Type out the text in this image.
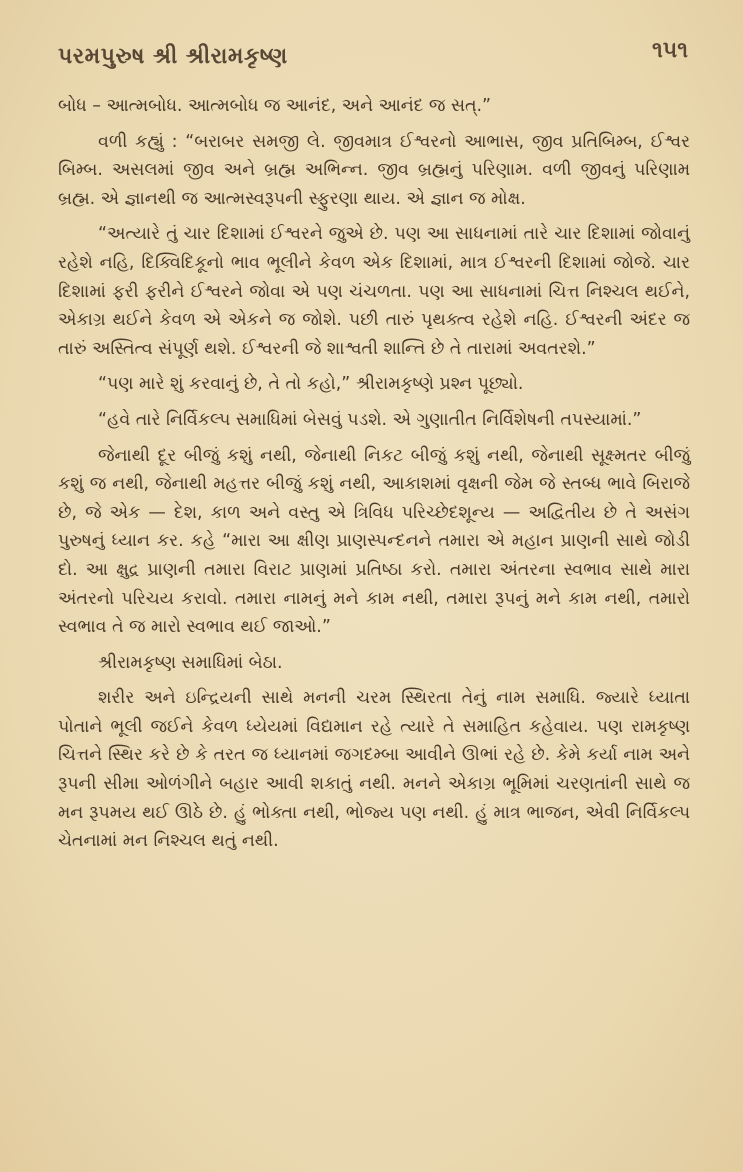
પરમપુરુષ શ્રી શ્રીરામકૃષ્ણ	૧૫૧

બોધ – આત્મબોધ. આત્મબોધ જ આનંદ, અને આનંદ જ સત્.”

વળી કહ્યું : “બરાબર સમજી લે. જીવમાત્ર ઈશ્વરનો આભાસ, જીવ પ્રતિબિમ્બ, ઈશ્વર બિમ્બ. અસલમાં જીવ અને બ્રહ્મ અભિન્ન. જીવ બ્રહ્મનું પરિણામ. વળી જીવનું પરિણામ બ્રહ્મ. એ જ્ઞાનથી જ આત્મસ્વરૂપની સ્ફુરણા થાય. એ જ્ઞાન જ મોક્ષ.

“અત્યારે તું ચાર દિશામાં ઈશ્વરને જુએ છે. પણ આ સાધનામાં તારે ચાર દિશામાં જોવાનું રહેશે નહિ, દિક્વિદિકૂનો ભાવ ભૂલીને કેવળ એક દિશામાં, માત્ર ઈશ્વરની દિશામાં જોજે. ચાર દિશામાં ફરી ફરીને ઈશ્વરને જોવા એ પણ ચંચળતા. પણ આ સાધનામાં ચિત્ત નિશ્ચલ થઈને, એકાગ્ર થઈને કેવળ એ એકને જ જોશે. પછી તારું પૃથક્ત્વ રહેશે નહિ. ઈશ્વરની અંદર જ તારું અસ્તિત્વ સંપૂર્ણ થશે. ઈશ્વરની જે શાશ્વતી શાન્તિ છે તે તારામાં અવતરશે.”

“પણ મારે શું કરવાનું છે, તે તો કહો,” શ્રીરામકૃષ્ણે પ્રશ્ન પૂછ્યો.

“હવે તારે નિર્વિકલ્પ સમાધિમાં બેસવું પડશે. એ ગુણાતીત નિર્વિશેષની તપસ્યામાં.”

જેનાથી દૂર બીજું કશું નથી, જેનાથી નિકટ બીજું કશું નથી, જેનાથી સૂક્ષ્મતર બીજું કશું જ નથી, જેનાથી મહત્તર બીજું કશું નથી, આકાશમાં વૃક્ષની જેમ જે સ્તબ્ધ ભાવે બિરાજે છે, જે એક — દેશ, કાળ અને વસ્તુ એ ત્રિવિધ પરિચ્છેદશૂન્ય — અદ્વિતીય છે તે અસંગ પુરુષનું ધ્યાન કર. કહે “મારા આ ક્ષીણ પ્રાણસ્પન્દનને તમારા એ મહાન પ્રાણની સાથે જોડી દો. આ ક્ષુદ્ર પ્રાણની તમારા વિરાટ પ્રાણમાં પ્રતિષ્ઠા કરો. તમારા અંતરના સ્વભાવ સાથે મારા અંતરનો પરિચય કરાવો. તમારા નામનું મને કામ નથી, તમારા રૂપનું મને કામ નથી, તમારો સ્વભાવ તે જ મારો સ્વભાવ થઈ જાઓ.”

શ્રીરામકૃષ્ણ સમાધિમાં બેઠા.

શરીર અને ઇન્દ્રિયની સાથે મનની ચરમ સ્થિરતા તેનું નામ સમાધિ. જ્યારે ધ્યાતા પોતાને ભૂલી જઈને કેવળ ધ્યેયમાં વિદ્યમાન રહે ત્યારે તે સમાહિત કહેવાય. પણ રામકૃષ્ણ ચિત્તને સ્થિર કરે છે કે તરત જ ધ્યાનમાં જગદમ્બા આવીને ઊભાં રહે છે. કેમે કર્યા નામ અને રૂપની સીમા ઓળંગીને બહાર આવી શકાતું નથી. મનને એકાગ્ર ભૂમિમાં ચરણતાંની સાથે જ મન રૂપમય થઈ ઊઠે છે. હું ભોક્તા નથી, ભોજ્ય પણ નથી. હું માત્ર ભાજન, એવી નિર્વિકલ્પ ચેતનામાં મન નિશ્ચલ થતું નથી.
